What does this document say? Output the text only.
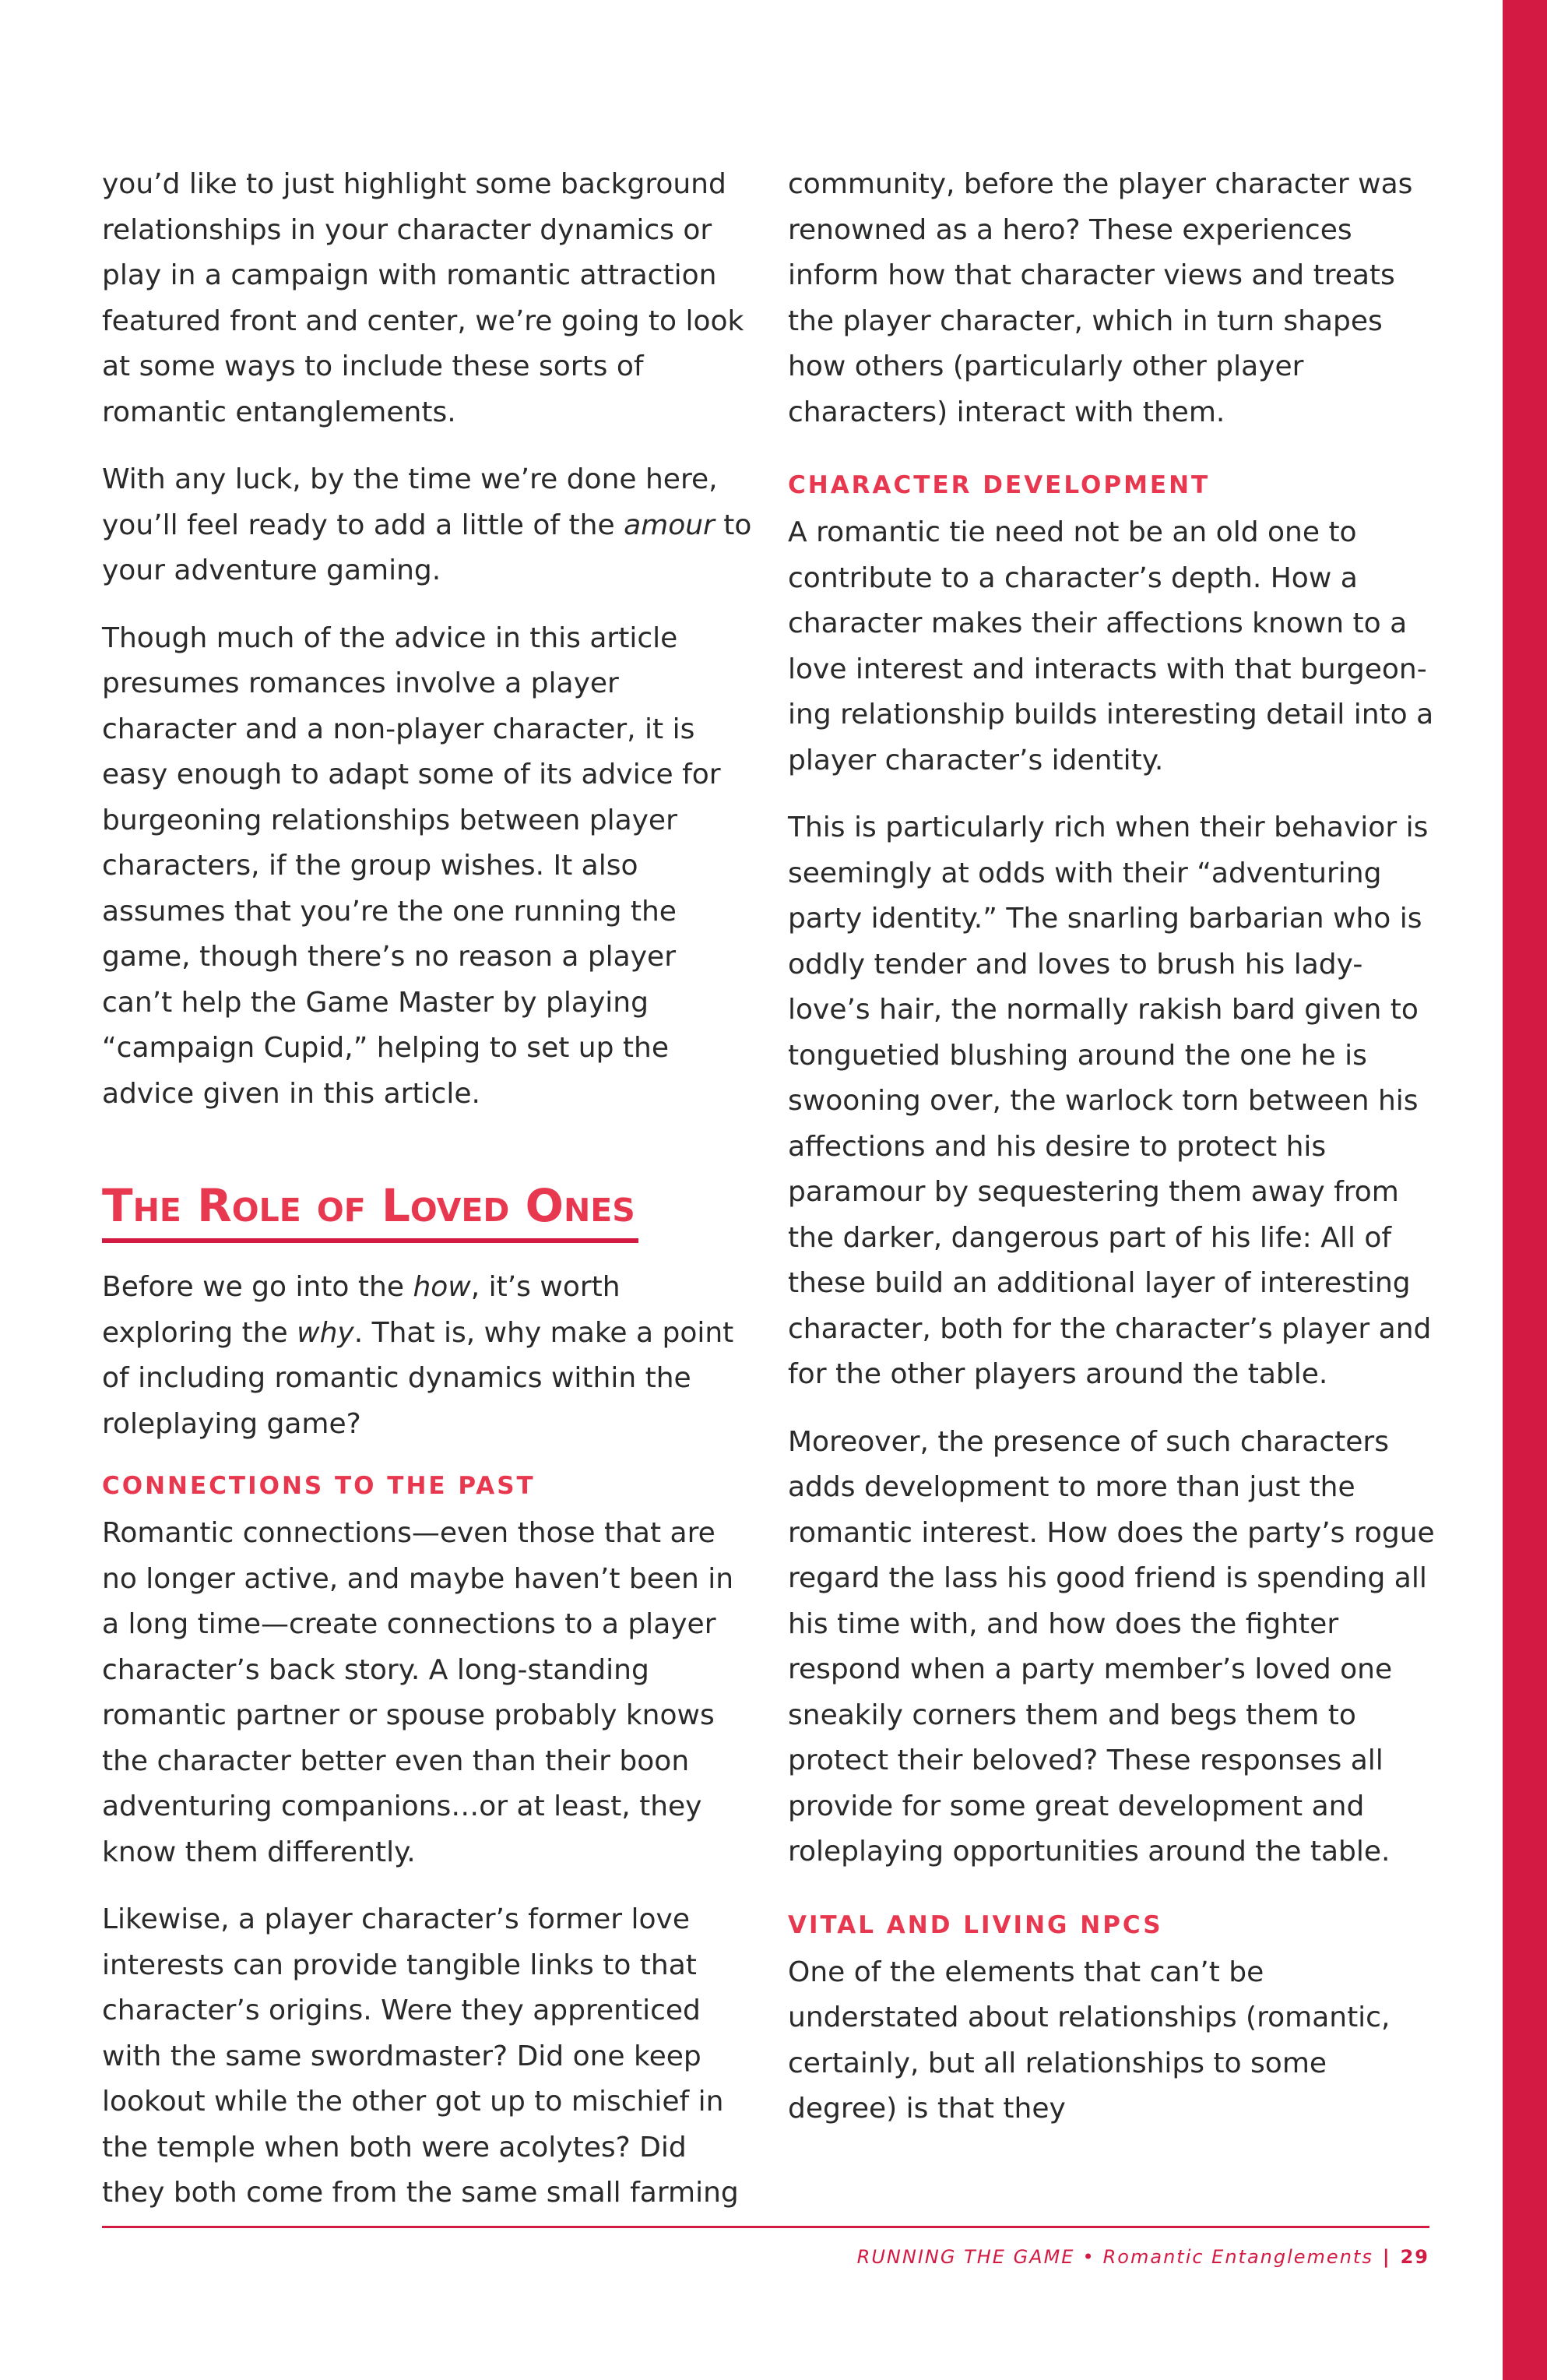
you’d like to just highlight some background relationships in your character dynamics or play in a campaign with romantic attraction featured front and center, we’re going to look at some ways to include these sorts of romantic entanglements.

With any luck, by the time we’re done here, you’ll feel ready to add a little of the amour to your adventure gaming.

Though much of the advice in this article presumes romances involve a player character and a non-player character, it is easy enough to adapt some of its advice for burgeoning relationships between player characters, if the group wishes. It also assumes that you’re the one running the game, though there’s no reason a player can’t help the Game Master by playing “campaign Cupid,” helping to set up the advice given in this article.

The Role of Loved Ones

Before we go into the how, it’s worth exploring the why. That is, why make a point of including romantic dynamics within the roleplaying game?

CONNECTIONS TO THE PAST

Romantic connections—even those that are no longer active, and maybe haven’t been in a long time—create connections to a player character’s back story. A long-standing romantic partner or spouse probably knows the character better even than their boon adventuring companions…or at least, they know them differently.

Likewise, a player character’s former love interests can provide tangible links to that character’s origins. Were they apprenticed with the same swordmaster? Did one keep lookout while the other got up to mischief in the temple when both were acolytes? Did they both come from the same small farming

community, before the player character was renowned as a hero? These experiences inform how that character views and treats the player character, which in turn shapes how others (particularly other player characters) interact with them.

CHARACTER DEVELOPMENT

A romantic tie need not be an old one to contribute to a character’s depth. How a character makes their affections known to a love interest and interacts with that burgeoning relationship builds interesting detail into a player character’s identity.

This is particularly rich when their behavior is seemingly at odds with their “adventuring party identity.” The snarling barbarian who is oddly tender and loves to brush his lady-love’s hair, the normally rakish bard given to tonguetied blushing around the one he is swooning over, the warlock torn between his affections and his desire to protect his paramour by sequestering them away from the darker, dangerous part of his life: All of these build an additional layer of interesting character, both for the character’s player and for the other players around the table.

Moreover, the presence of such characters adds development to more than just the romantic interest. How does the party’s rogue regard the lass his good friend is spending all his time with, and how does the fighter respond when a party member’s loved one sneakily corners them and begs them to protect their beloved? These responses all provide for some great development and roleplaying opportunities around the table.

VITAL AND LIVING NPCS

One of the elements that can’t be understated about relationships (romantic, certainly, but all relationships to some degree) is that they

RUNNING THE GAME • Romantic Entanglements | 29
